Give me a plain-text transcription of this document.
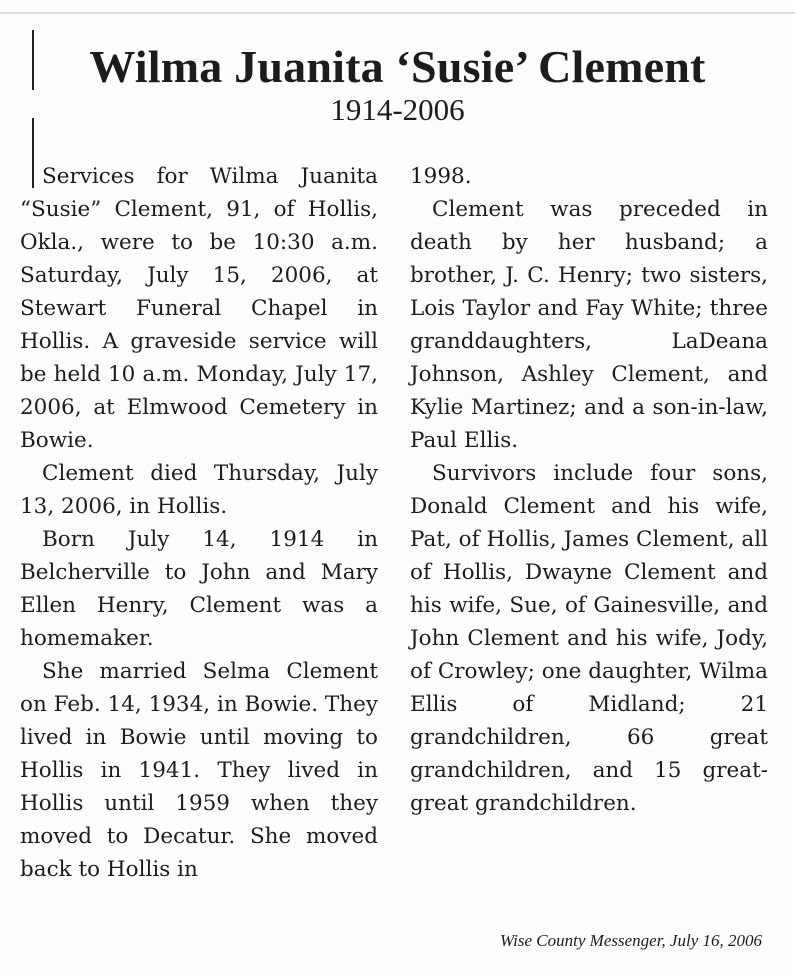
Wilma Juanita ‘Susie’ Clement
1914-2006

Services for Wilma Juanita “Susie” Clement, 91, of Hollis, Okla., were to be 10:30 a.m. Saturday, July 15, 2006, at Stewart Funeral Chapel in Hollis. A graveside service will be held 10 a.m. Monday, July 17, 2006, at Elmwood Cemetery in Bowie.

Clement died Thursday, July 13, 2006, in Hollis.

Born July 14, 1914 in Belcherville to John and Mary Ellen Henry, Clement was a homemaker.

She married Selma Clement on Feb. 14, 1934, in Bowie. They lived in Bowie until moving to Hollis in 1941. They lived in Hollis until 1959 when they moved to Decatur. She moved back to Hollis in

1998.

Clement was preceded in death by her husband; a brother, J. C. Henry; two sisters, Lois Taylor and Fay White; three granddaughters, LaDeana Johnson, Ashley Clement, and Kylie Martinez; and a son-in-law, Paul Ellis.

Survivors include four sons, Donald Clement and his wife, Pat, of Hollis, James Clement, all of Hollis, Dwayne Clement and his wife, Sue, of Gainesville, and John Clement and his wife, Jody, of Crowley; one daughter, Wilma Ellis of Midland; 21 grandchildren, 66 great grandchildren, and 15 great-great grandchildren.

Wise County Messenger, July 16, 2006
